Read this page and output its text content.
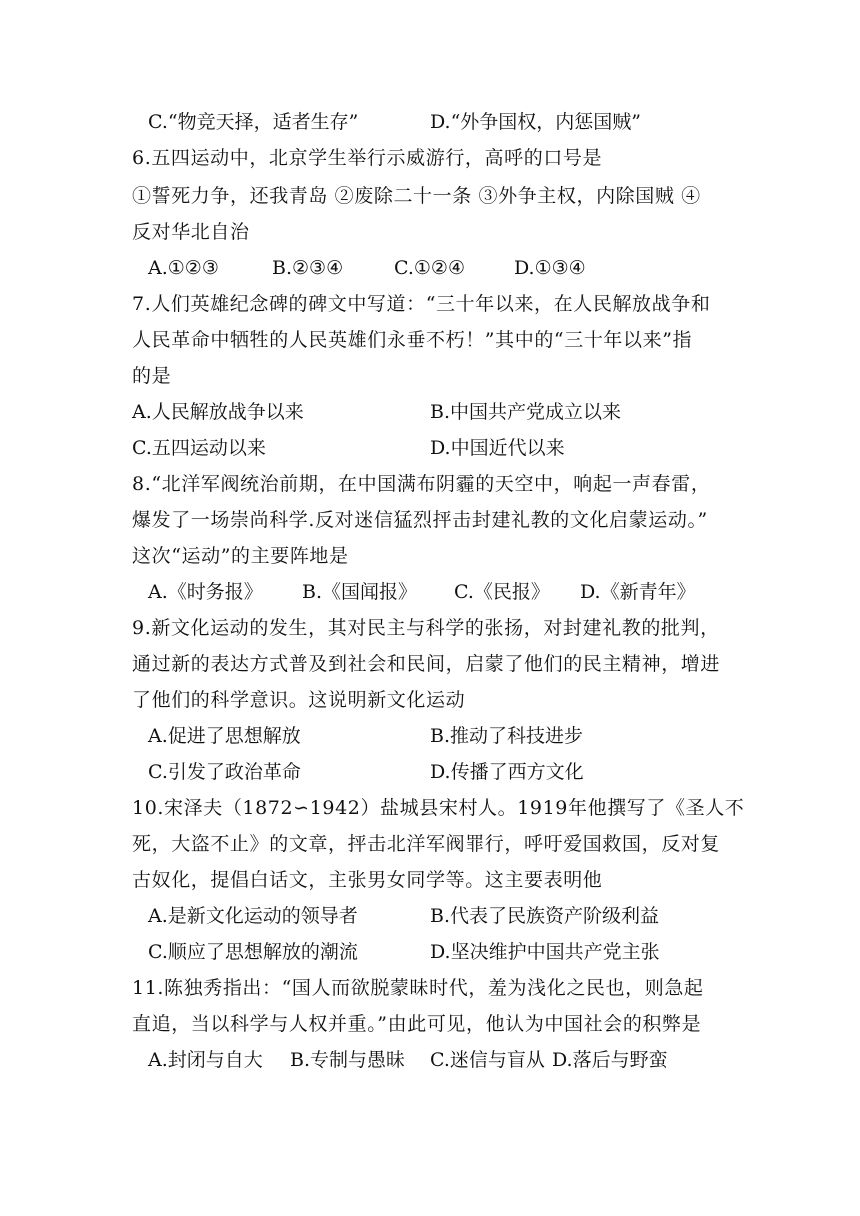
C.“物竞天择，适者生存”	D.“外争国权，内惩国贼”
6.五四运动中，北京学生举行示威游行，高呼的口号是
①誓死力争，还我青岛 ②废除二十一条 ③外争主权，内除国贼 ④
反对华北自治
A.①②③	B.②③④	C.①②④	D.①③④
7.人们英雄纪念碑的碑文中写道：“三十年以来，在人民解放战争和
人民革命中牺牲的人民英雄们永垂不朽！”其中的“三十年以来”指
的是
A.人民解放战争以来	B.中国共产党成立以来
C.五四运动以来	D.中国近代以来
8.“北洋军阀统治前期，在中国满布阴霾的天空中，响起一声春雷，
爆发了一场崇尚科学.反对迷信猛烈抨击封建礼教的文化启蒙运动。”
这次“运动”的主要阵地是
A.《时务报》 B.《国闻报》 C.《民报》 D.《新青年》
9.新文化运动的发生，其对民主与科学的张扬，对封建礼教的批判，
通过新的表达方式普及到社会和民间，启蒙了他们的民主精神，增进
了他们的科学意识。这说明新文化运动
A.促进了思想解放	B.推动了科技进步
C.引发了政治革命	D.传播了西方文化
10.宋泽夫（1872∽1942）盐城县宋村人。1919年他撰写了《圣人不
死，大盗不止》的文章，抨击北洋军阀罪行，呼吁爱国救国，反对复
古奴化，提倡白话文，主张男女同学等。这主要表明他
A.是新文化运动的领导者	B.代表了民族资产阶级利益
C.顺应了思想解放的潮流	D.坚决维护中国共产党主张
11.陈独秀指出：“国人而欲脱蒙昧时代，羞为浅化之民也，则急起
直追，当以科学与人权并重。”由此可见，他认为中国社会的积弊是
A.封闭与自大 B.专制与愚昧 C.迷信与盲从 D.落后与野蛮
